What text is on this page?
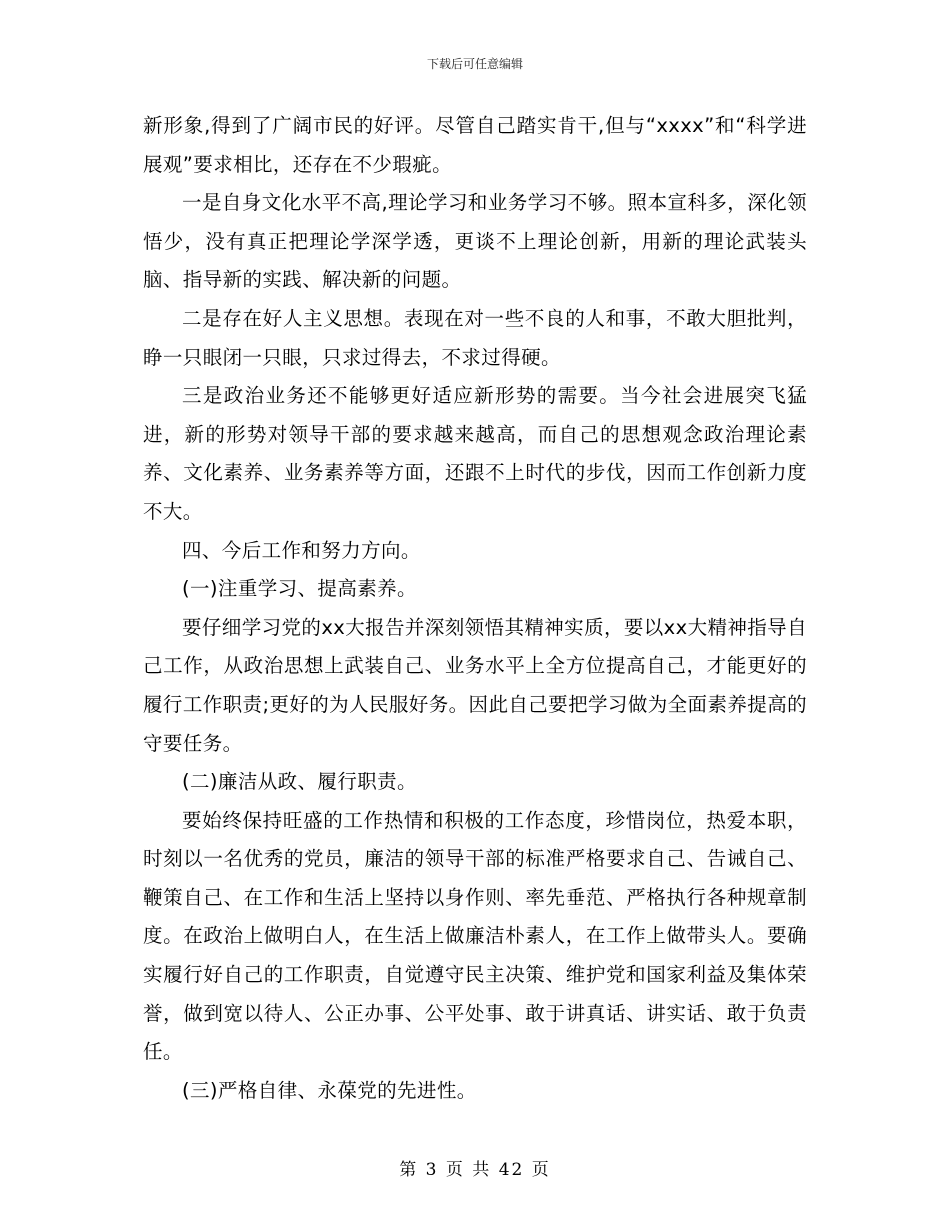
下载后可任意编辑

新形象,得到了广阔市民的好评。尽管自己踏实肯干,但与“xxxx”和“科学进展观”要求相比，还存在不少瑕疵。

一是自身文化水平不高,理论学习和业务学习不够。照本宣科多，深化领悟少，没有真正把理论学深学透，更谈不上理论创新，用新的理论武装头脑、指导新的实践、解决新的问题。

二是存在好人主义思想。表现在对一些不良的人和事，不敢大胆批判，睁一只眼闭一只眼，只求过得去，不求过得硬。

三是政治业务还不能够更好适应新形势的需要。当今社会进展突飞猛进，新的形势对领导干部的要求越来越高，而自己的思想观念政治理论素养、文化素养、业务素养等方面，还跟不上时代的步伐，因而工作创新力度不大。

四、今后工作和努力方向。

(一)注重学习、提高素养。

要仔细学习党的xx大报告并深刻领悟其精神实质，要以xx大精神指导自己工作，从政治思想上武装自己、业务水平上全方位提高自己，才能更好的履行工作职责;更好的为人民服好务。因此自己要把学习做为全面素养提高的守要任务。

(二)廉洁从政、履行职责。

要始终保持旺盛的工作热情和积极的工作态度，珍惜岗位，热爱本职，时刻以一名优秀的党员，廉洁的领导干部的标准严格要求自己、告诫自己、鞭策自己、在工作和生活上坚持以身作则、率先垂范、严格执行各种规章制度。在政治上做明白人，在生活上做廉洁朴素人，在工作上做带头人。要确实履行好自己的工作职责，自觉遵守民主决策、维护党和国家利益及集体荣誉，做到宽以待人、公正办事、公平处事、敢于讲真话、讲实话、敢于负责任。

(三)严格自律、永葆党的先进性。

第 3 页 共 42 页
